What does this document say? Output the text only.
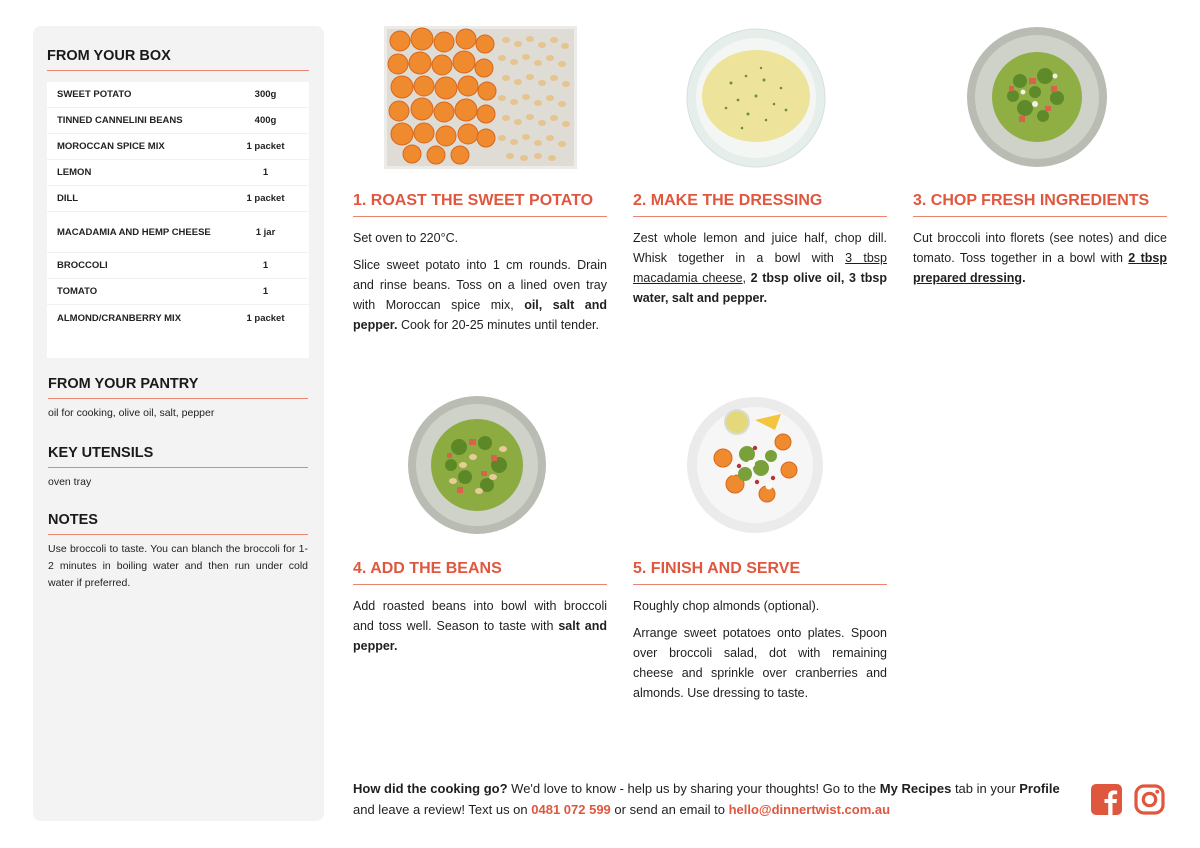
FROM YOUR BOX
SWEET POTATO	300g
TINNED CANNELINI BEANS	400g
MOROCCAN SPICE MIX	1 packet
LEMON	1
DILL	1 packet
MACADAMIA AND HEMP CHEESE	1 jar
BROCCOLI	1
TOMATO	1
ALMOND/CRANBERRY MIX	1 packet
FROM YOUR PANTRY
oil for cooking, olive oil, salt, pepper
KEY UTENSILS
oven tray
NOTES
Use broccoli to taste. You can blanch the broccoli for 1-2 minutes in boiling water and then run under cold water if preferred.
1. ROAST THE SWEET POTATO

Set oven to 220°C.

Slice sweet potato into 1 cm rounds. Drain and rinse beans. Toss on a lined oven tray with Moroccan spice mix, oil, salt and pepper. Cook for 20-25 minutes until tender.

2. MAKE THE DRESSING

Zest whole lemon and juice half, chop dill. Whisk together in a bowl with 3 tbsp macadamia cheese, 2 tbsp olive oil, 3 tbsp water, salt and pepper.

3. CHOP FRESH INGREDIENTS

Cut broccoli into florets (see notes) and dice tomato. Toss together in a bowl with 2 tbsp prepared dressing.

4. ADD THE BEANS

Add roasted beans into bowl with broccoli and toss well. Season to taste with salt and pepper.

5. FINISH AND SERVE

Roughly chop almonds (optional).

Arrange sweet potatoes onto plates. Spoon over broccoli salad, dot with remaining cheese and sprinkle over cranberries and almonds. Use dressing to taste.

How did the cooking go? We'd love to know - help us by sharing your thoughts! Go to the My Recipes tab in your Profile and leave a review! Text us on 0481 072 599 or send an email to hello@dinnertwist.com.au
